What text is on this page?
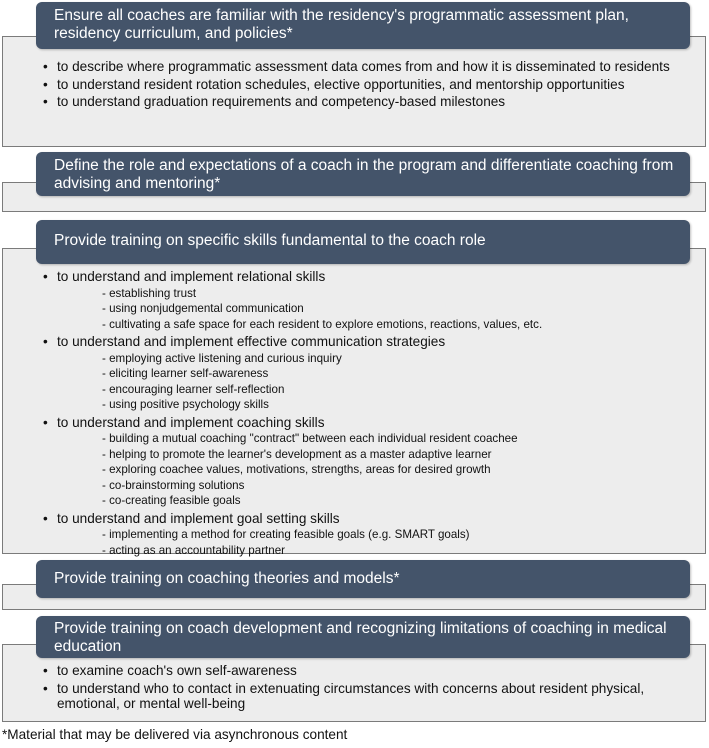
• to describe where programmatic assessment data comes from and how it is disseminated to residents
• to understand resident rotation schedules, elective opportunities, and mentorship opportunities
• to understand graduation requirements and competency-based milestones
Ensure all coaches are familiar with the residency's programmatic assessment plan, residency curriculum, and policies*
Define the role and expectations of a coach in the program and differentiate coaching from advising and mentoring*
• to understand and implement relational skills
- establishing trust
- using nonjudgemental communication
- cultivating a safe space for each resident to explore emotions, reactions, values, etc.
• to understand and implement effective communication strategies
- employing active listening and curious inquiry
- eliciting learner self-awareness
- encouraging learner self-reflection
- using positive psychology skills
• to understand and implement coaching skills
- building a mutual coaching "contract" between each individual resident coachee
- helping to promote the learner's development as a master adaptive learner
- exploring coachee values, motivations, strengths, areas for desired growth
- co-brainstorming solutions
- co-creating feasible goals
• to understand and implement goal setting skills
- implementing a method for creating feasible goals (e.g. SMART goals)
- acting as an accountability partner
Provide training on specific skills fundamental to the coach role
Provide training on coaching theories and models*
• to examine coach's own self-awareness
• to understand who to contact in extenuating circumstances with concerns about resident physical, emotional, or mental well-being
Provide training on coach development and recognizing limitations of coaching in medical education
*Material that may be delivered via asynchronous content
